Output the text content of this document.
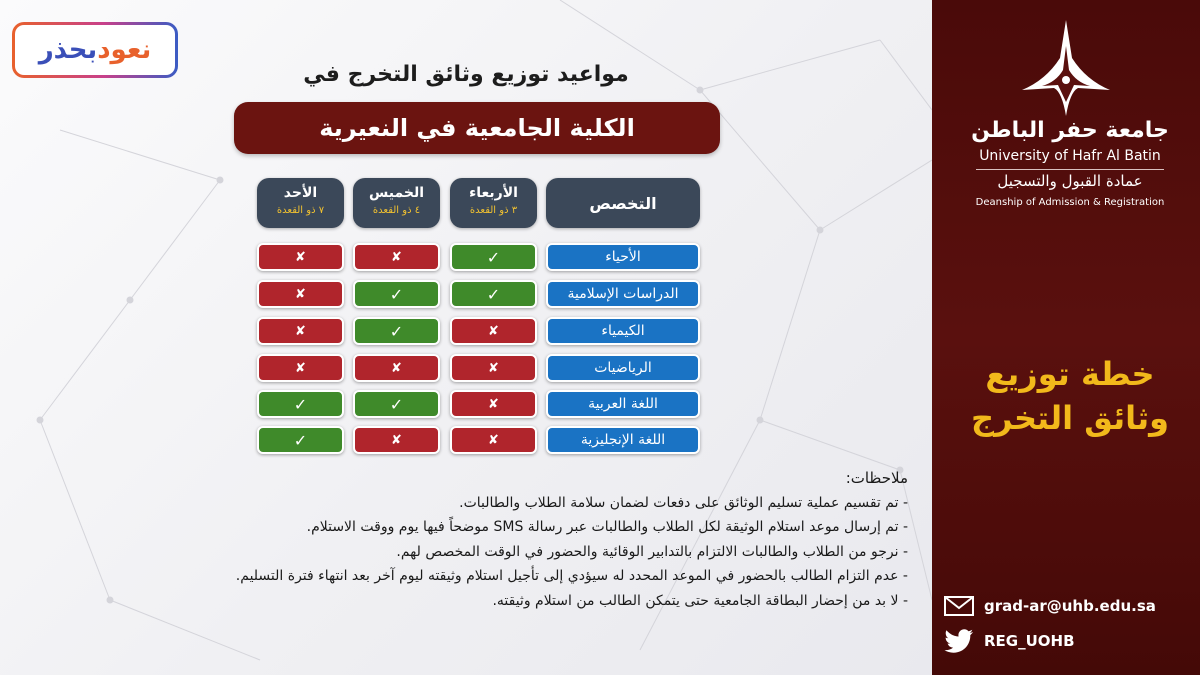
نعود
بحذر
مواعيد توزيع وثائق التخرج في
الكلية الجامعية في النعيرية
التخصص
الأربعاء
٣ ذو القعدة
الخميس
٤ ذو القعدة
الأحد
٧ ذو القعدة
الأحياء
✓
✘
✘
الدراسات الإسلامية
✓
✓
✘
الكيمياء
✘
✓
✘
الرياضيات
✘
✘
✘
اللغة العربية
✘
✓
✓
اللغة الإنجليزية
✘
✘
✓
ملاحظات:
- تم تقسيم عملية تسليم الوثائق على دفعات لضمان سلامة الطلاب والطالبات.
- تم إرسال موعد استلام الوثيقة لكل الطلاب والطالبات عبر رسالة SMS موضحاً فيها يوم ووقت الاستلام.
- نرجو من الطلاب والطالبات الالتزام بالتدابير الوقائية والحضور في الوقت المخصص لهم.
- عدم التزام الطالب بالحضور في الموعد المحدد له سيؤدي إلى تأجيل استلام وثيقته ليوم آخر بعد انتهاء فترة التسليم.
- لا بد من إحضار البطاقة الجامعية حتى يتمكن الطالب من استلام وثيقته.
جامعة حفر الباطن
University of Hafr Al Batin
عمادة القبول والتسجيل
Deanship of Admission & Registration
خطة توزيع
وثائق التخرج
grad-ar@uhb.edu.sa
REG_UOHB
